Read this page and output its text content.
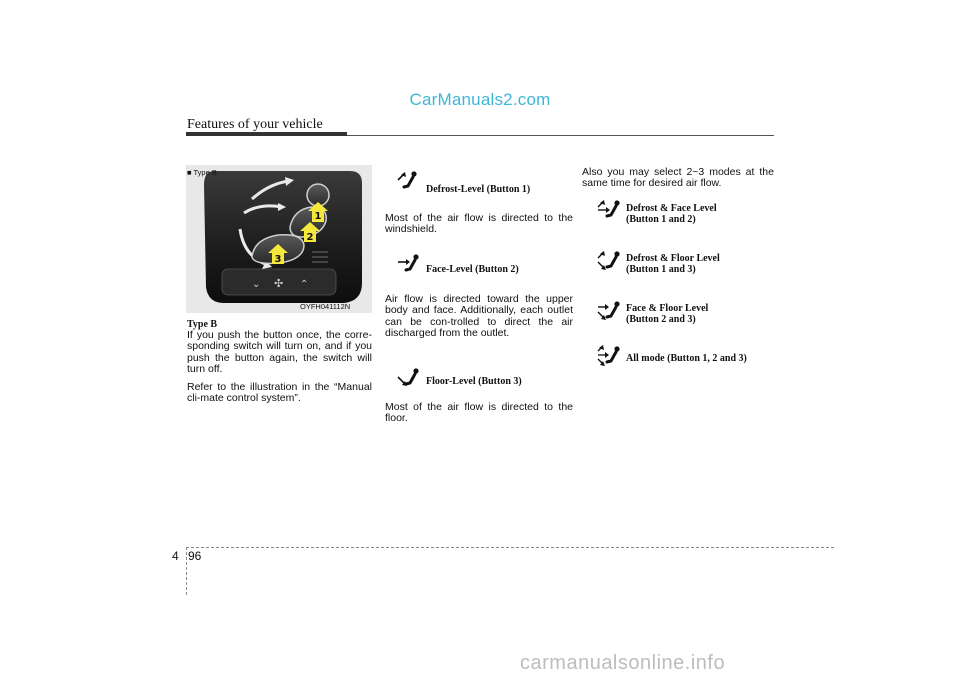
CarManuals2.com
Features of your vehicle
⌄ ✣ ⌃
1
2
3
■ Type B
OYFH041112N
Type B
If you push the button once, the corre-sponding switch will turn on, and if you push the button again, the switch will turn off.
Refer to the illustration in the “Manual cli-mate control system”.
Defrost-Level (Button 1)
Most of the air flow is directed to the windshield.
Face-Level (Button 2)
Air flow is directed toward the upper body and face. Additionally, each outlet can be con-trolled to direct the air discharged from the outlet.
Floor-Level (Button 3)
Most of the air flow is directed to the floor.
Also you may select 2~3 modes at the same time for desired air flow.
Defrost & Face Level
(Button 1 and 2)
Defrost & Floor Level
(Button 1 and 3)
Face & Floor Level
(Button 2 and 3)
All mode (Button 1, 2 and 3)
4 96
carmanualsonline.info
